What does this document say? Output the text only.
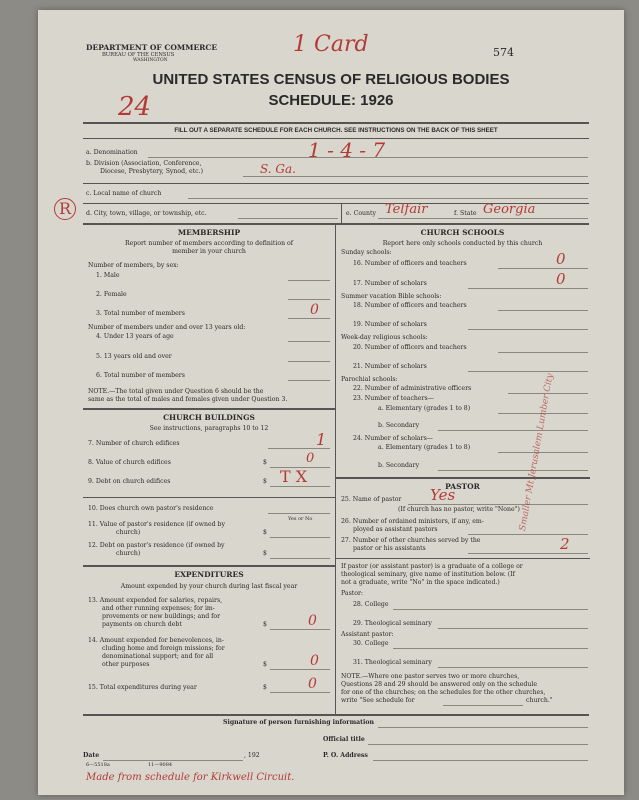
DEPARTMENT OF COMMERCE
BUREAU OF THE CENSUS
WASHINGTON
1 Card	574
UNITED STATES CENSUS OF RELIGIOUS BODIES
SCHEDULE: 1926
24
FILL OUT A SEPARATE SCHEDULE FOR EACH CHURCH. SEE INSTRUCTIONS ON THE BACK OF THIS SHEET
a. Denomination	1 - 4 - 7
b. Division (Association, Conference,
Diocese, Presbytery, Synod, etc.)	S. Ga.
c. Local name of church
R	d. City, town, village, or township, etc.	e. County Telfair	f. State Georgia
MEMBERSHIP
Report number of members according to definition of
member in your church
Number of members, by sex:
1. Male
2. Female
3. Total number of members	0
Number of members under and over 13 years old:
4. Under 13 years of age
5. 13 years old and over
6. Total number of members
NOTE.—The total given under Question 6 should be the
same as the total of males and females given under Question 3.
CHURCH BUILDINGS
See instructions, paragraphs 10 to 12
7. Number of church edifices	1
8. Value of church edifices	$	0
9. Debt on church edifices	$ T X
10. Does church own pastor's residence
Yes or No
11. Value of pastor's residence (if owned by
church)	$
12. Debt on pastor's residence (if owned by
church)	$
EXPENDITURES
Amount expended by your church during last fiscal year
13. Amount expended for salaries, repairs,
and other running expenses; for im-
provements or new buildings; and for
payments on church debt	$	0
14. Amount expended for benevolences, in-
cluding home and foreign missions; for
denominational support; and for all
other purposes	$	0
15. Total expenditures during year	$	0
CHURCH SCHOOLS
Report here only schools conducted by this church
Sunday schools:
16. Number of officers and teachers	0
17. Number of scholars	0
Summer vacation Bible schools:
18. Number of officers and teachers
19. Number of scholars
Week-day religious schools:
20. Number of officers and teachers
21. Number of scholars
Parochial schools:
22. Number of administrative officers
23. Number of teachers—
a. Elementary (grades 1 to 8)
b. Secondary
24. Number of scholars—
a. Elementary (grades 1 to 8)
b. Secondary
PASTOR
25. Name of pastor Yes
(If church has no pastor, write "None")
26. Number of ordained ministers, if any, em-
ployed as assistant pastors
27. Number of other churches served by the
pastor or his assistants	2
If pastor (or assistant pastor) is a graduate of a college or
theological seminary, give name of institution below. (If
not a graduate, write "No" in the space indicated.)
Pastor:
28. College
29. Theological seminary
Assistant pastor:
30. College
31. Theological seminary
NOTE.—Where one pastor serves two or more churches,
Questions 28 and 29 should be answered only on the schedule
for one of the churches; on the schedules for the other churches,
write "See schedule for	church."
Smaller Mt Jerusalem Lumber City
Signature of person furnishing information
Official title
Date	, 192	P. O. Address
6—5518a	11—9084
Made from schedule for Kirkwell Circuit.
